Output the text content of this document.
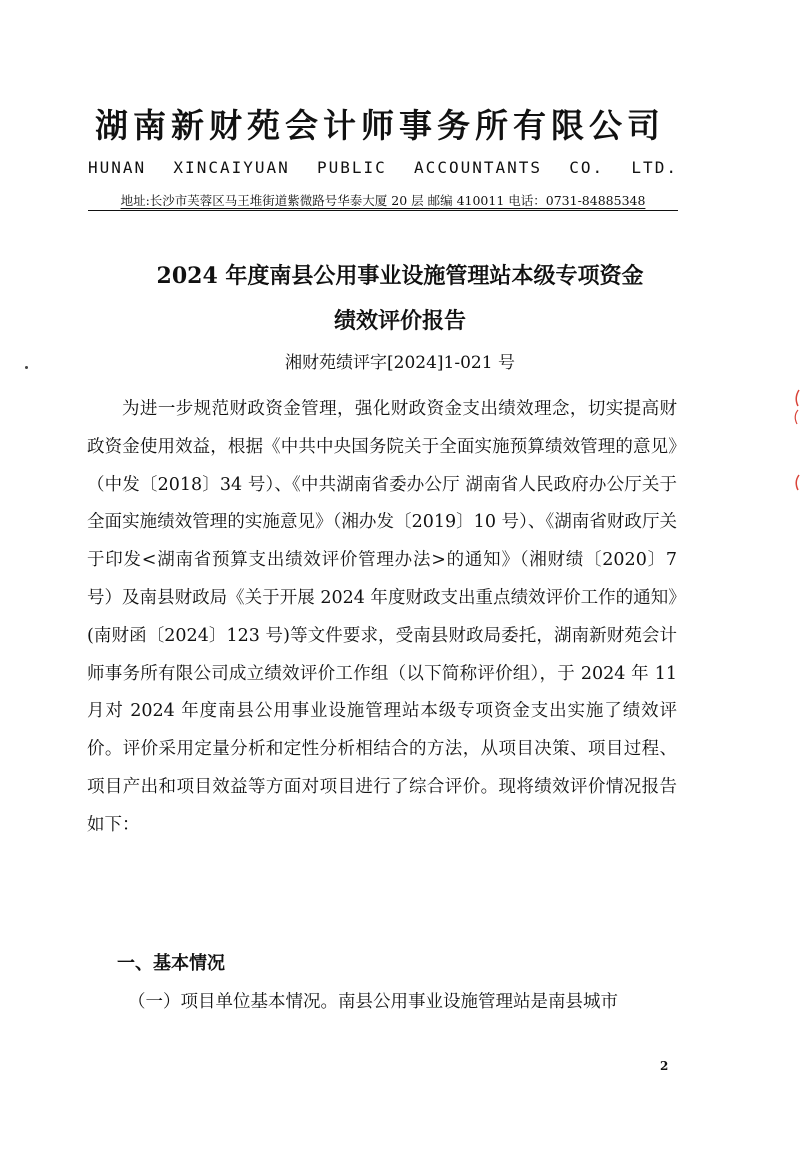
湖南新财苑会计师事务所有限公司
HUNAN XINCAIYUAN PUBLIC ACCOUNTANTS CO. LTD.
地址:长沙市芙蓉区马王堆街道紫微路号华泰大厦 20 层 邮编 410011 电话：0731-84885348
2024 年度南县公用事业设施管理站本级专项资金
绩效评价报告
湘财苑绩评字[2024]1-021 号

为进一步规范财政资金管理，强化财政资金支出绩效理念，切实提高财政资金使用效益，根据《中共中央国务院关于全面实施预算绩效管理的意见》（中发〔2018〕34 号）、《中共湖南省委办公厅 湖南省人民政府办公厅关于全面实施绩效管理的实施意见》（湘办发〔2019〕10 号）、《湖南省财政厅关于印发<湖南省预算支出绩效评价管理办法>的通知》（湘财绩〔2020〕7 号）及南县财政局《关于开展 2024 年度财政支出重点绩效评价工作的通知》(南财函〔2024〕123 号)等文件要求，受南县财政局委托，湖南新财苑会计师事务所有限公司成立绩效评价工作组（以下简称评价组），于 2024 年 11 月对 2024 年度南县公用事业设施管理站本级专项资金支出实施了绩效评价。评价采用定量分析和定性分析相结合的方法，从项目决策、项目过程、项目产出和项目效益等方面对项目进行了综合评价。现将绩效评价情况报告如下：

一、基本情况
（一）项目单位基本情况。南县公用事业设施管理站是南县城市
2
